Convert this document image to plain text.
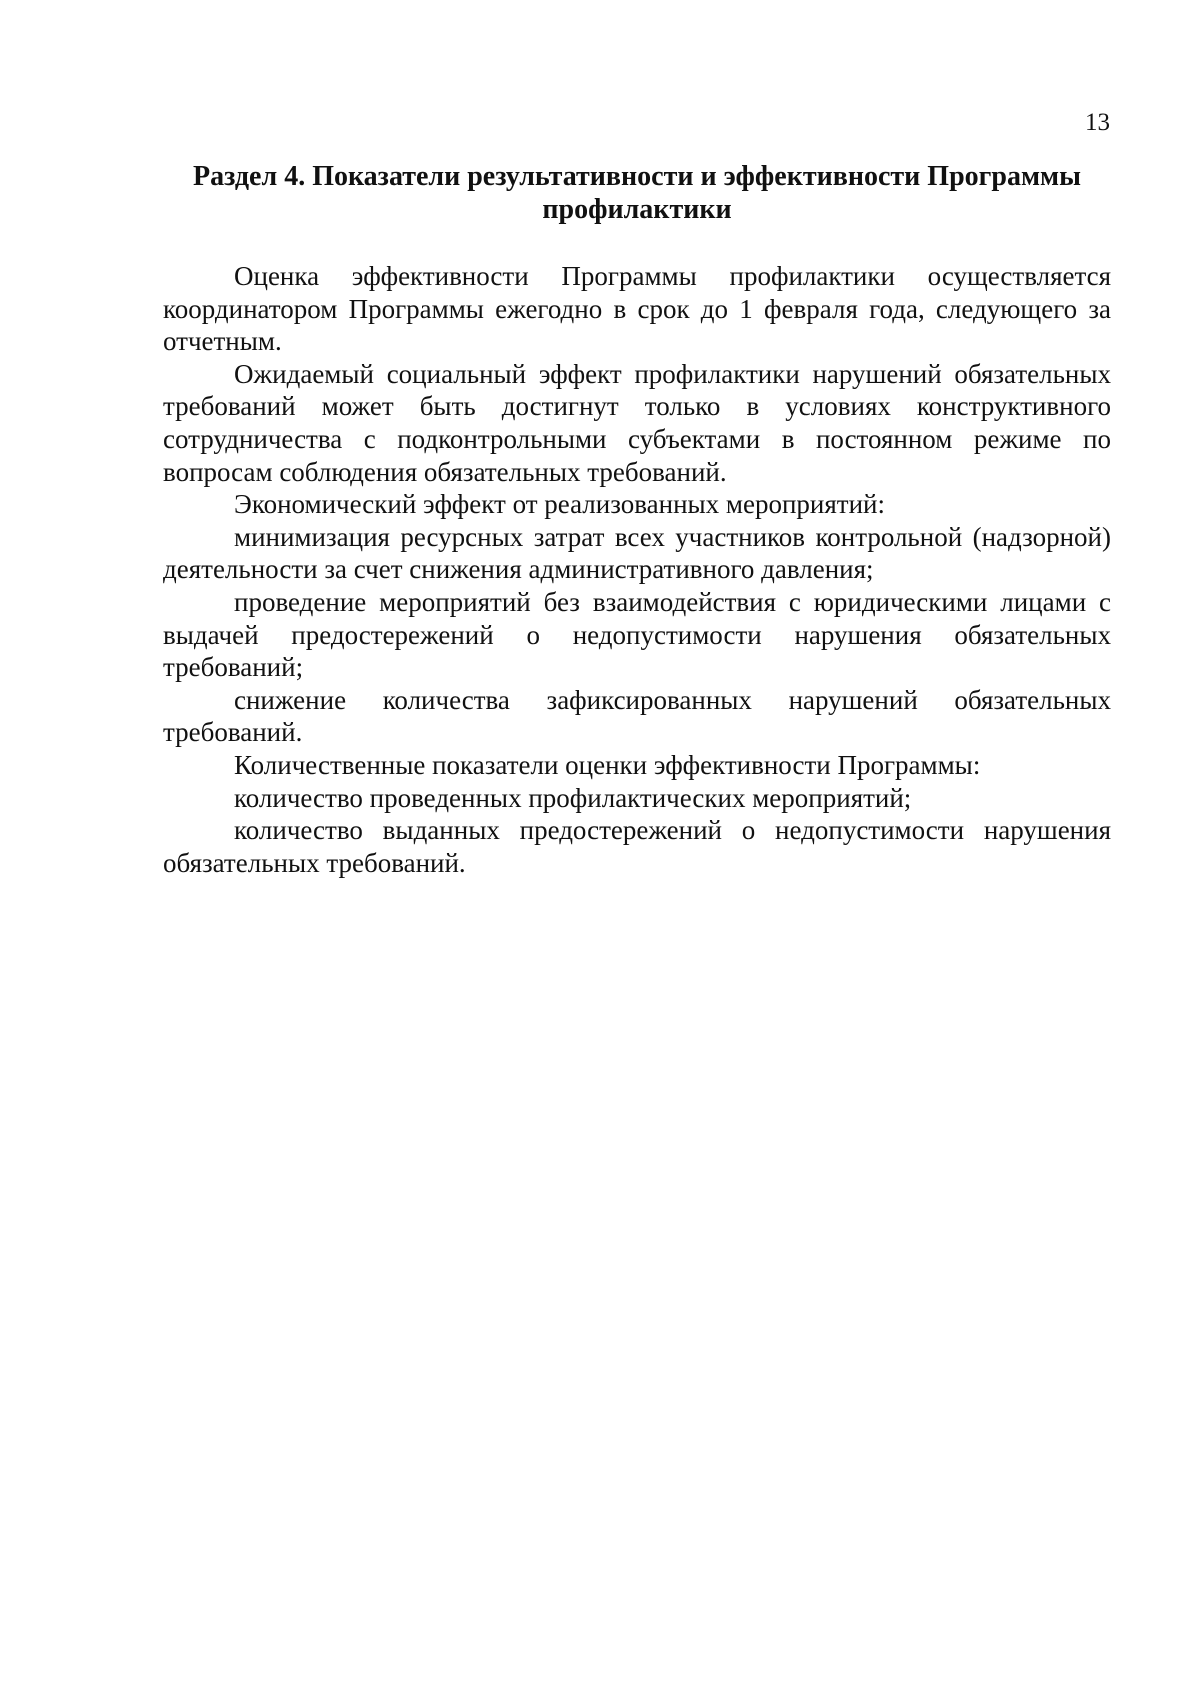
13
Раздел 4. Показатели результативности и эффективности Программы профилактики

Оценка эффективности Программы профилактики осуществляется координатором Программы ежегодно в срок до 1 февраля года, следующего за отчетным.

Ожидаемый социальный эффект профилактики нарушений обязательных требований может быть достигнут только в условиях конструктивного сотрудничества с подконтрольными субъектами в постоянном режиме по вопросам соблюдения обязательных требований.

Экономический эффект от реализованных мероприятий:

минимизация ресурсных затрат всех участников контрольной (надзорной) деятельности за счет снижения административного давления;

проведение мероприятий без взаимодействия с юридическими лицами с выдачей предостережений о недопустимости нарушения обязательных требований;

снижение количества зафиксированных нарушений обязательных требований.

Количественные показатели оценки эффективности Программы:

количество проведенных профилактических мероприятий;

количество выданных предостережений о недопустимости нарушения обязательных требований.
